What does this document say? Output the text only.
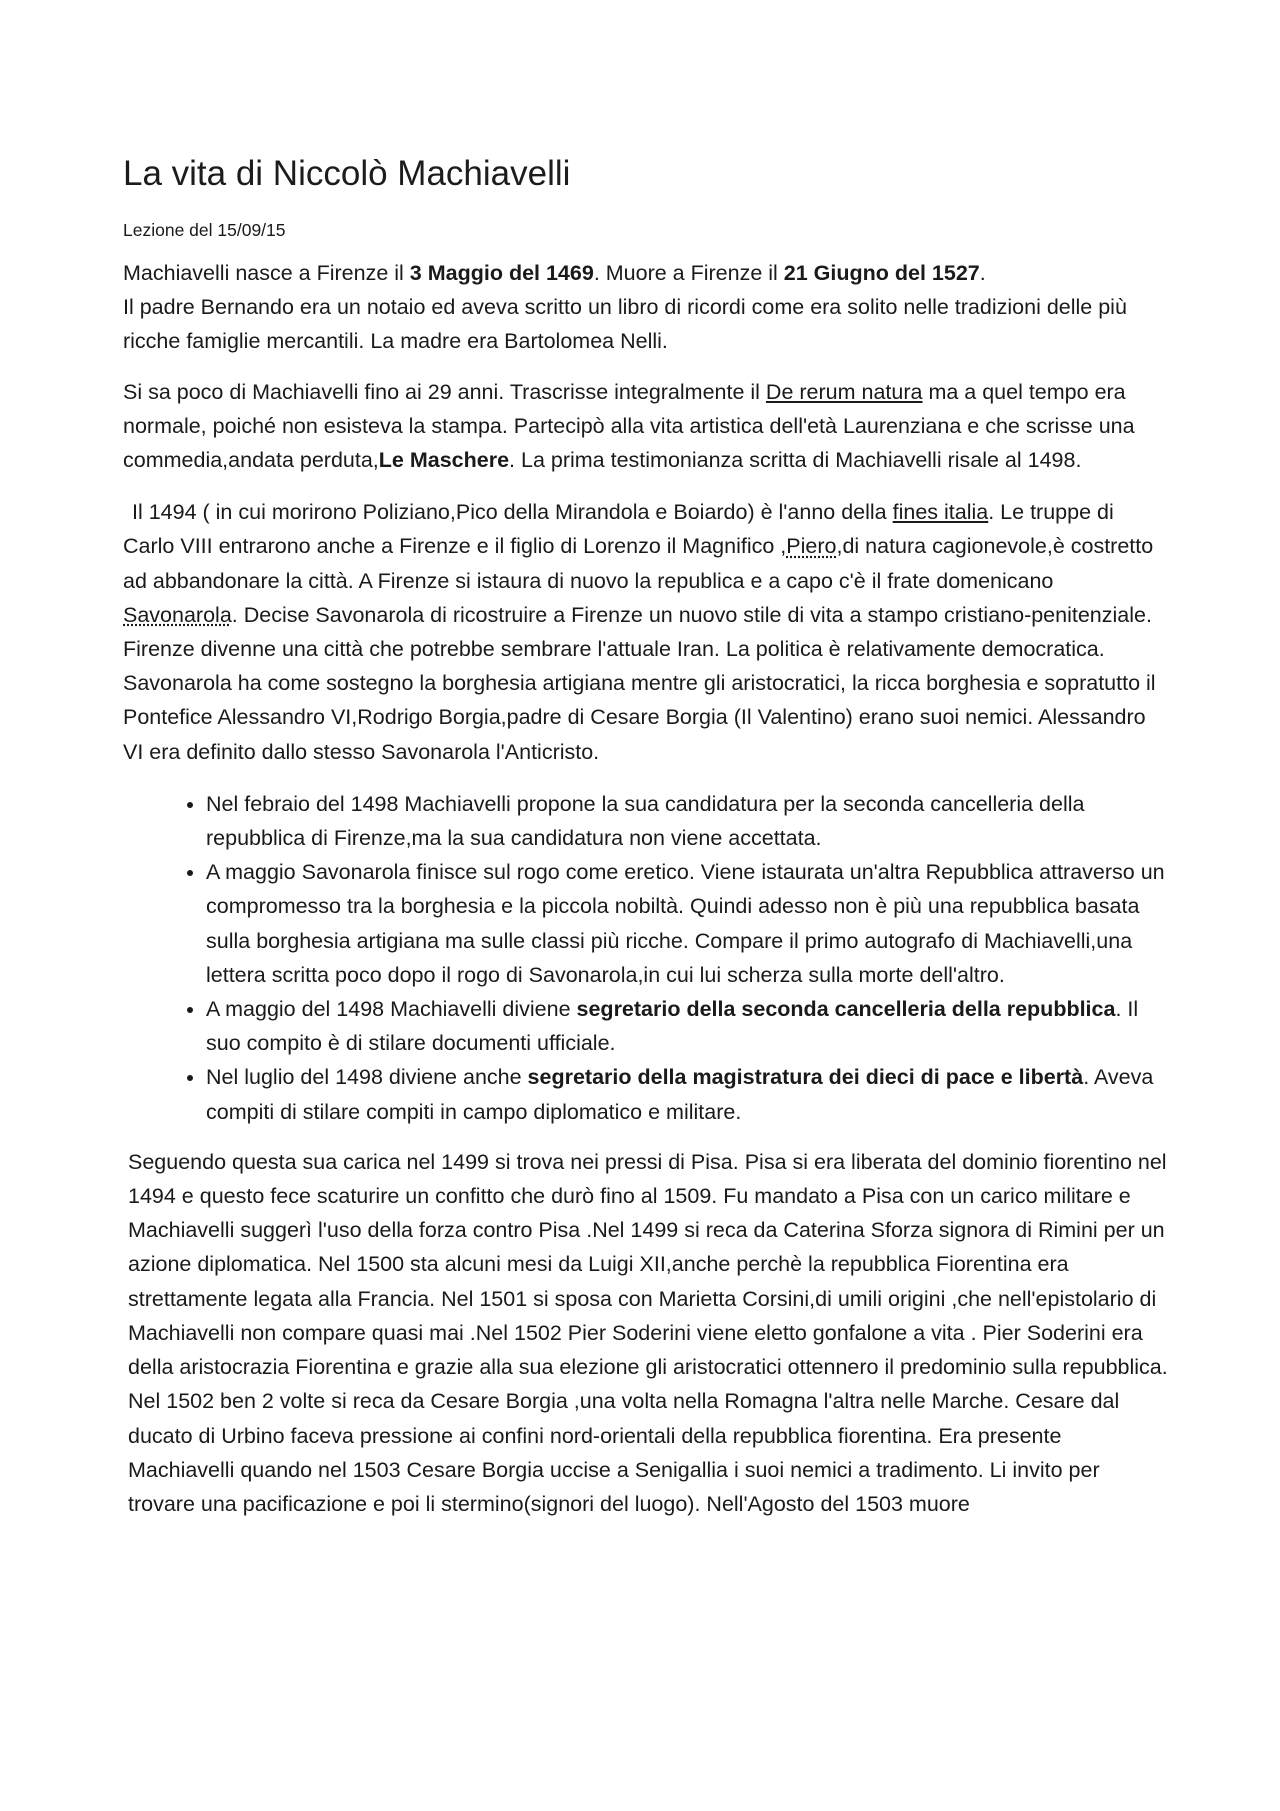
La vita di Niccolò Machiavelli
Lezione del 15/09/15

Machiavelli nasce a Firenze il 3 Maggio del 1469. Muore a Firenze il 21 Giugno del 1527.
Il padre Bernando era un notaio ed aveva scritto un libro di ricordi come era solito nelle tradizioni delle più ricche famiglie mercantili. La madre era Bartolomea Nelli.

Si sa poco di Machiavelli fino ai 29 anni. Trascrisse integralmente il De rerum natura ma a quel tempo era normale, poiché non esisteva la stampa. Partecipò alla vita artistica dell'età Laurenziana e che scrisse una commedia,andata perduta,Le Maschere. La prima testimonianza scritta di Machiavelli risale al 1498.

Il 1494 ( in cui morirono Poliziano,Pico della Mirandola e Boiardo) è l'anno della fines italia. Le truppe di Carlo VIII entrarono anche a Firenze e il figlio di Lorenzo il Magnifico ,Piero,di natura cagionevole,è costretto ad abbandonare la città. A Firenze si istaura di nuovo la republica e a capo c'è il frate domenicano Savonarola. Decise Savonarola di ricostruire a Firenze un nuovo stile di vita a stampo cristiano-penitenziale. Firenze divenne una città che potrebbe sembrare l'attuale Iran. La politica è relativamente democratica. Savonarola ha come sostegno la borghesia artigiana mentre gli aristocratici, la ricca borghesia e sopratutto il Pontefice Alessandro VI,Rodrigo Borgia,padre di Cesare Borgia (Il Valentino) erano suoi nemici. Alessandro VI era definito dallo stesso Savonarola l'Anticristo.

• Nel febraio del 1498 Machiavelli propone la sua candidatura per la seconda cancelleria della repubblica di Firenze,ma la sua candidatura non viene accettata.
• A maggio Savonarola finisce sul rogo come eretico. Viene istaurata un'altra Repubblica attraverso un compromesso tra la borghesia e la piccola nobiltà. Quindi adesso non è più una repubblica basata sulla borghesia artigiana ma sulle classi più ricche. Compare il primo autografo di Machiavelli,una lettera scritta poco dopo il rogo di Savonarola,in cui lui scherza sulla morte dell'altro.
• A maggio del 1498 Machiavelli diviene segretario della seconda cancelleria della repubblica. Il suo compito è di stilare documenti ufficiale.
• Nel luglio del 1498 diviene anche segretario della magistratura dei dieci di pace e libertà. Aveva compiti di stilare compiti in campo diplomatico e militare.

Seguendo questa sua carica nel 1499 si trova nei pressi di Pisa. Pisa si era liberata del dominio fiorentino nel 1494 e questo fece scaturire un confitto che durò fino al 1509. Fu mandato a Pisa con un carico militare e Machiavelli suggerì l'uso della forza contro Pisa .Nel 1499 si reca da Caterina Sforza signora di Rimini per un azione diplomatica. Nel 1500 sta alcuni mesi da Luigi XII,anche perchè la repubblica Fiorentina era strettamente legata alla Francia. Nel 1501 si sposa con Marietta Corsini,di umili origini ,che nell'epistolario di Machiavelli non compare quasi mai .Nel 1502 Pier Soderini viene eletto gonfalone a vita . Pier Soderini era della aristocrazia Fiorentina e grazie alla sua elezione gli aristocratici ottennero il predominio sulla repubblica. Nel 1502 ben 2 volte si reca da Cesare Borgia ,una volta nella Romagna l'altra nelle Marche. Cesare dal ducato di Urbino faceva pressione ai confini nord-orientali della repubblica fiorentina. Era presente Machiavelli quando nel 1503 Cesare Borgia uccise a Senigallia i suoi nemici a tradimento. Li invito per trovare una pacificazione e poi li stermino(signori del luogo). Nell'Agosto del 1503 muore
